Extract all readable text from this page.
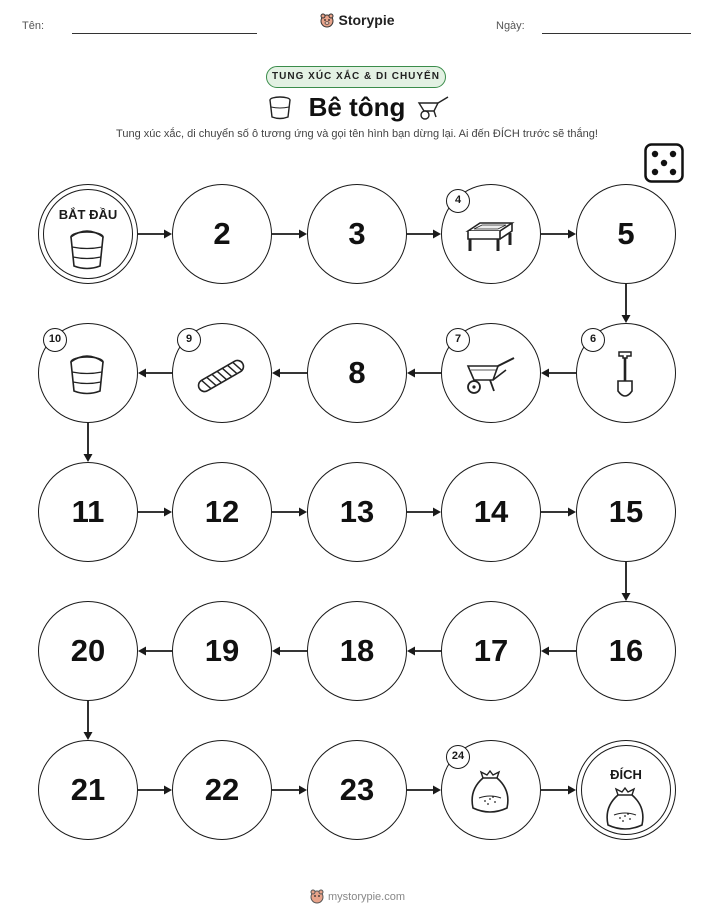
Tên:	Storypie	Ngày:
TUNG XÚC XẮC & DI CHUYỂN
Bê tông
Tung xúc xắc, di chuyển số ô tương ứng và gọi tên hình bạn dừng lại. Ai đến ĐÍCH trước sẽ thắng!
BẮT ĐẦU
2	3
4
5
6
7
8
9
10
11	12	13	14	15
16
17
18
19
20
21	22	23
24
ĐÍCH
mystorypie.com
